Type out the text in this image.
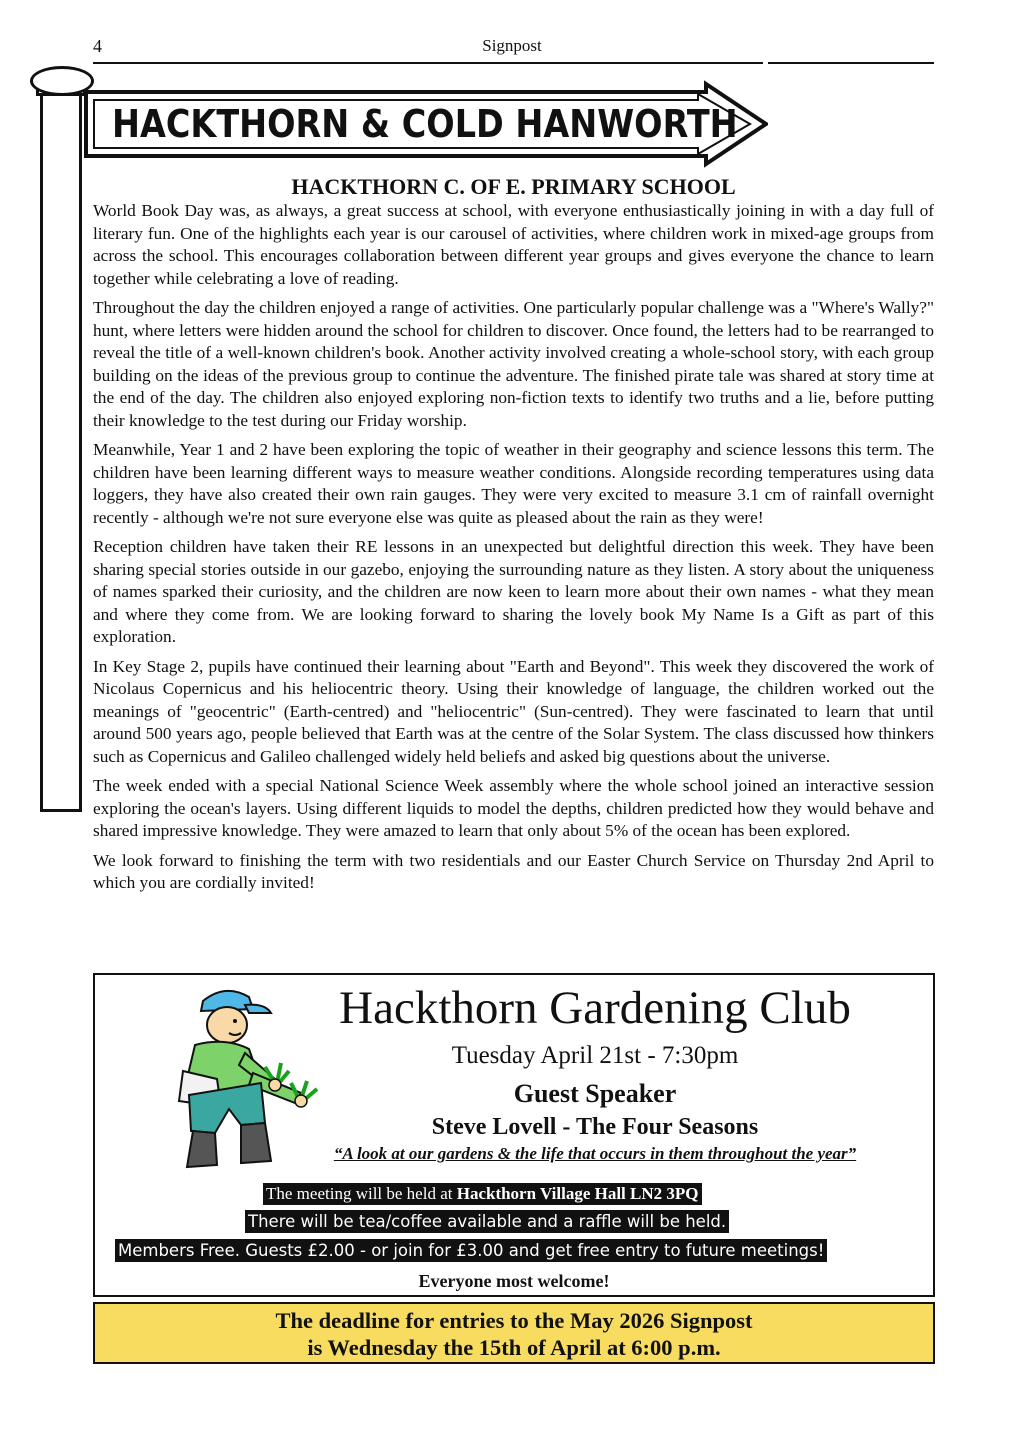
4	Signpost
HACKTHORN & COLD HANWORTH
HACKTHORN C. OF E. PRIMARY SCHOOL

World Book Day was, as always, a great success at school, with everyone enthusiastically joining in with a day full of literary fun. One of the highlights each year is our carousel of activities, where children work in mixed-age groups from across the school. This encourages collaboration between different year groups and gives everyone the chance to learn together while celebrating a love of reading.

Throughout the day the children enjoyed a range of activities. One particularly popular challenge was a "Where's Wally?" hunt, where letters were hidden around the school for children to discover. Once found, the letters had to be rearranged to reveal the title of a well-known children's book. Another activity involved creating a whole-school story, with each group building on the ideas of the previous group to continue the adventure. The finished pirate tale was shared at story time at the end of the day. The children also enjoyed exploring non-fiction texts to identify two truths and a lie, before putting their knowledge to the test during our Friday worship.

Meanwhile, Year 1 and 2 have been exploring the topic of weather in their geography and science lessons this term. The children have been learning different ways to measure weather conditions. Alongside recording temperatures using data loggers, they have also created their own rain gauges. They were very excited to measure 3.1 cm of rainfall overnight recently - although we're not sure everyone else was quite as pleased about the rain as they were!

Reception children have taken their RE lessons in an unexpected but delightful direction this week. They have been sharing special stories outside in our gazebo, enjoying the surrounding nature as they listen. A story about the uniqueness of names sparked their curiosity, and the children are now keen to learn more about their own names - what they mean and where they come from. We are looking forward to sharing the lovely book My Name Is a Gift as part of this exploration.

In Key Stage 2, pupils have continued their learning about "Earth and Beyond". This week they discovered the work of Nicolaus Copernicus and his heliocentric theory. Using their knowledge of language, the children worked out the meanings of "geocentric" (Earth-centred) and "heliocentric" (Sun-centred). They were fascinated to learn that until around 500 years ago, people believed that Earth was at the centre of the Solar System. The class discussed how thinkers such as Copernicus and Galileo challenged widely held beliefs and asked big questions about the universe.

The week ended with a special National Science Week assembly where the whole school joined an interactive session exploring the ocean's layers. Using different liquids to model the depths, children predicted how they would behave and shared impressive knowledge. They were amazed to learn that only about 5% of the ocean has been explored.

We look forward to finishing the term with two residentials and our Easter Church Service on Thursday 2nd April to which you are cordially invited!

Hackthorn Gardening Club
Tuesday April 21st - 7:30pm
Guest Speaker
Steve Lovell - The Four Seasons
“A look at our gardens & the life that occurs in them throughout the year”
The meeting will be held at Hackthorn Village Hall LN2 3PQ
There will be tea/coffee available and a raffle will be held.
Members Free. Guests £2.00 - or join for £3.00 and get free entry to future meetings!
Everyone most welcome!
The deadline for entries to the May 2026 Signpost
is Wednesday the 15th of April at 6:00 p.m.
